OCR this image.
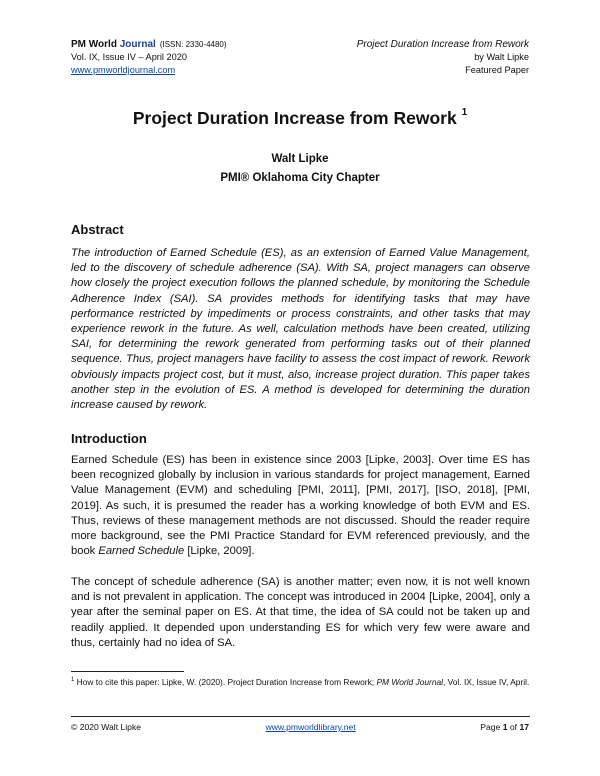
PM World Journal (ISSN: 2330-4480)	Project Duration Increase from Rework
Vol. IX, Issue IV – April 2020	by Walt Lipke
www.pmworldjournal.com	Featured Paper
Project Duration Increase from Rework $^1$
Walt Lipke
PMI® Oklahoma City Chapter
Abstract
The introduction of Earned Schedule (ES), as an extension of Earned Value Management, led to the discovery of schedule adherence (SA). With SA, project managers can observe how closely the project execution follows the planned schedule, by monitoring the Schedule Adherence Index (SAI). SA provides methods for identifying tasks that may have performance restricted by impediments or process constraints, and other tasks that may experience rework in the future. As well, calculation methods have been created, utilizing SAI, for determining the rework generated from performing tasks out of their planned sequence. Thus, project managers have facility to assess the cost impact of rework. Rework obviously impacts project cost, but it must, also, increase project duration. This paper takes another step in the evolution of ES. A method is developed for determining the duration increase caused by rework.
Introduction
Earned Schedule (ES) has been in existence since 2003 [Lipke, 2003]. Over time ES has been recognized globally by inclusion in various standards for project management, Earned Value Management (EVM) and scheduling [PMI, 2011], [PMI, 2017], [ISO, 2018], [PMI, 2019]. As such, it is presumed the reader has a working knowledge of both EVM and ES. Thus, reviews of these management methods are not discussed. Should the reader require more background, see the PMI Practice Standard for EVM referenced previously, and the book Earned Schedule [Lipke, 2009].
The concept of schedule adherence (SA) is another matter; even now, it is not well known and is not prevalent in application. The concept was introduced in 2004 [Lipke, 2004], only a year after the seminal paper on ES. At that time, the idea of SA could not be taken up and readily applied. It depended upon understanding ES for which very few were aware and thus, certainly had no idea of SA.
$^1$ How to cite this paper: Lipke, W. (2020). Project Duration Increase from Rework; PM World Journal, Vol. IX, Issue IV, April.
© 2020 Walt Lipke	www.pmworldlibrary.net	Page 1 of 17
